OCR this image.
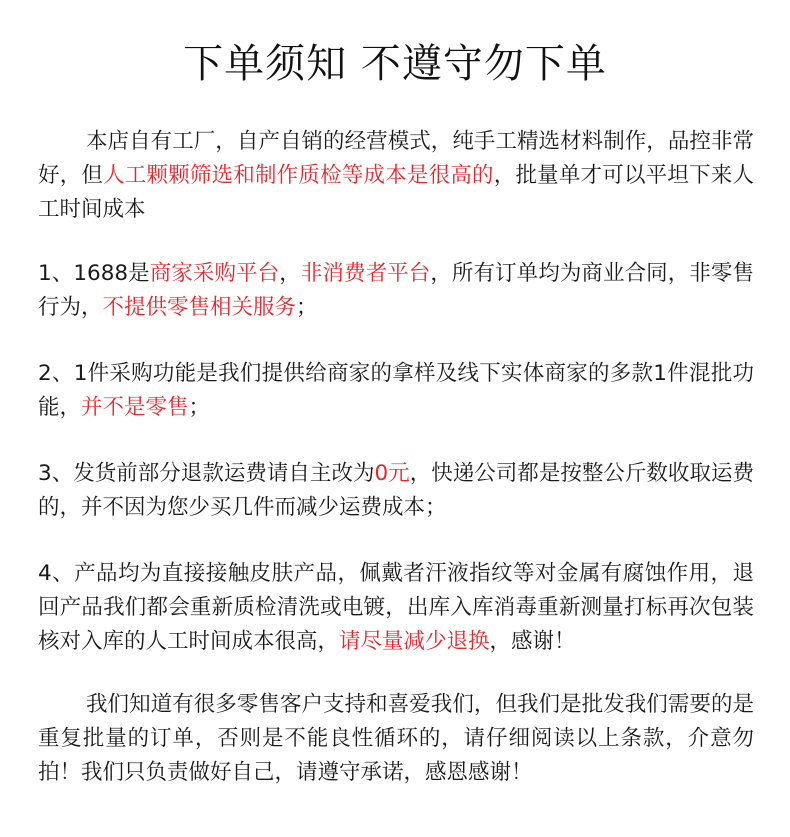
下单须知 不遵守勿下单

本店自有工厂，自产自销的经营模式，纯手工精选材料制作，品控非常好，但人工颗颗筛选和制作质检等成本是很高的，批量单才可以平坦下来人工时间成本

1、1688是商家采购平台，非消费者平台，所有订单均为商业合同，非零售行为，不提供零售相关服务；

2、1件采购功能是我们提供给商家的拿样及线下实体商家的多款1件混批功能，并不是零售；

3、发货前部分退款运费请自主改为0元，快递公司都是按整公斤数收取运费的，并不因为您少买几件而减少运费成本；

4、产品均为直接接触皮肤产品，佩戴者汗液指纹等对金属有腐蚀作用，退回产品我们都会重新质检清洗或电镀，出库入库消毒重新测量打标再次包装核对入库的人工时间成本很高，请尽量减少退换，感谢！

我们知道有很多零售客户支持和喜爱我们，但我们是批发我们需要的是重复批量的订单，否则是不能良性循环的，请仔细阅读以上条款，介意勿拍！我们只负责做好自己，请遵守承诺，感恩感谢！
